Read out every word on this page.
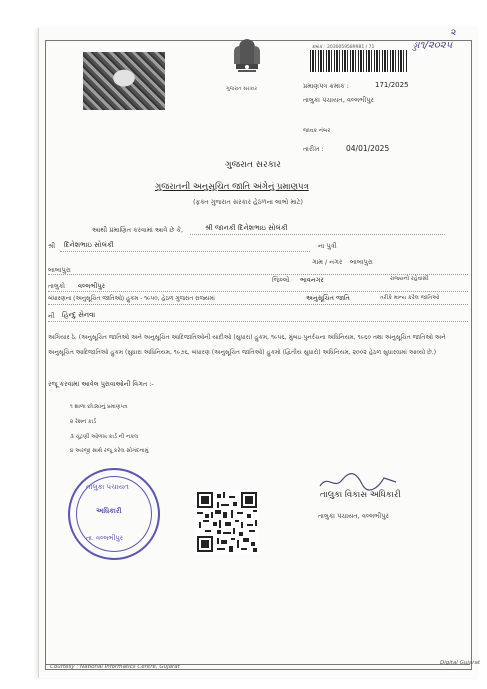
૨
ડ્ડા૧/૨૦૨૫
ગુજરાત સરકાર
ક્રમાંક : 2030059589981 / 71
પ્રમાણપત્ર ક્રમાંક :	171/2025
તાલુકા પંચાયત, વલ્લભીપુર
જાવક નંબર
તારીખ :	04/01/2025
ગુજરાત સરકાર
ગુજરાતની અનુસૂચિત જાતિ અંગેનું પ્રમાણપત્ર
(ફક્ત ગુજરાત સરકાર હેઠળના લાભો માટે)
આથી પ્રમાણિત કરવામાં આવે છે કે,	શ્રી જાનકી દિનેશભાઇ સોલંકી
શ્રી દિનેશભાઇ સોલંકી	ના પુત્રી
બાબાપુરા
ગામ / નગર બાબાપુરા
તાલુકો વલ્લભીપુર
જિલ્લો ભાવનગર	રાજ્યનો રહેવાસી
બંધારણના (અનુસૂચિત જાતિઓ) હુકમ - ૧૯૫૦, હેઠળ ગુજરાત રાજ્યમાં	અનુસૂચિત જાતિ	તરીકે માન્ય કરેલ જાતિઓ
ની હિન્દુ સેનવા
અગિયાર ઠે. (અનુસૂચિત જાતિઓ અને અનુસૂચિત આદિજાતિઓની યાદીઓ (સુધારા) હુકમ, ૧૯૫૬, મુંબઇ પુનર્રચના અધિનિયમ, ૧૯૬૦ તથા અનુસૂચિત જાતિઓ અને અનુસૂચિત આદિજાતિઓ હુકમ (સુધારા અધિનિયમ, ૧૯૭૬, બંધારણ (અનુસૂચિત જાતિઓ) હુકમો (દ્વિતીય સુધારો) અધિનિયમ, ૨૦૦૨ હેઠળ સુધારવામાં આવ્યો છે.)
રજૂ કરવામાં આવેલ પુરાવાઓની વિગત :-
૧ શાળા છોડ્યાનું પ્રમાણપત્ર
૨ રેશન કાર્ડ
૩ ચૂંટણી ઓળખ કાર્ડ ની નકલ
૪ અરજી સાથે રજૂ કરેલ સોગંદનામું
તાલુકા પંચાયત
અધિકારી
તા. વલ્લભીપુર
તાલુકા વિકાસ અધિકારી
તાલુકા પંચાયત, વલ્લભીપુર
Courtesy : National Informatics Centre, Gujarat
Digital Gujarat
